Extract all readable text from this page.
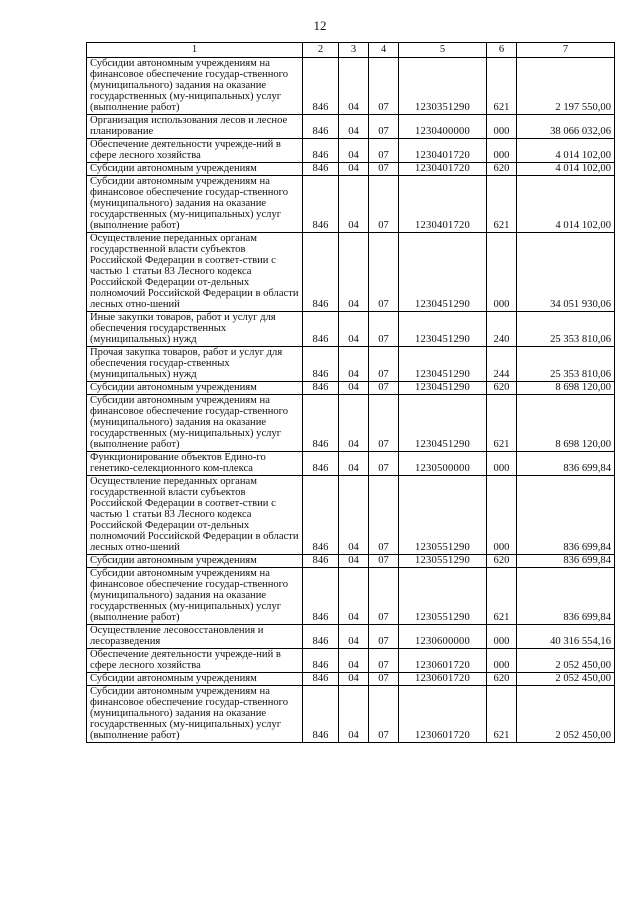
12
1	2	3	4	5	6	7
Субсидии автономным учреждениям на финансовое обеспечение государ-ственного (муниципального) задания на оказание государственных (му-ниципальных) услуг (выполнение работ)	846	04	07	1230351290	621	2 197 550,00
Организация использования лесов и лесное планирование	846	04	07	1230400000	000	38 066 032,06
Обеспечение деятельности учрежде-ний в сфере лесного хозяйства	846	04	07	1230401720	000	4 014 102,00
Субсидии автономным учреждениям	846	04	07	1230401720	620	4 014 102,00
Субсидии автономным учреждениям на финансовое обеспечение государ-ственного (муниципального) задания на оказание государственных (му-ниципальных) услуг (выполнение работ)	846	04	07	1230401720	621	4 014 102,00
Осуществление переданных органам государственной власти субъектов Российской Федерации в соответ-ствии с частью 1 статьи 83 Лесного кодекса Российской Федерации от-дельных полномочий Российской Федерации в области лесных отно-шений	846	04	07	1230451290	000	34 051 930,06
Иные закупки товаров, работ и услуг для обеспечения государственных (муниципальных) нужд	846	04	07	1230451290	240	25 353 810,06
Прочая закупка товаров, работ и услуг для обеспечения государ-ственных (муниципальных) нужд	846	04	07	1230451290	244	25 353 810,06
Субсидии автономным учреждениям	846	04	07	1230451290	620	8 698 120,00
Субсидии автономным учреждениям на финансовое обеспечение государ-ственного (муниципального) задания на оказание государственных (му-ниципальных) услуг (выполнение работ)	846	04	07	1230451290	621	8 698 120,00
Функционирование объектов Едино-го генетико-селекционного ком-плекса	846	04	07	1230500000	000	836 699,84
Осуществление переданных органам государственной власти субъектов Российской Федерации в соответ-ствии с частью 1 статьи 83 Лесного кодекса Российской Федерации от-дельных полномочий Российской Федерации в области лесных отно-шений	846	04	07	1230551290	000	836 699,84
Субсидии автономным учреждениям	846	04	07	1230551290	620	836 699,84
Субсидии автономным учреждениям на финансовое обеспечение государ-ственного (муниципального) задания на оказание государственных (му-ниципальных) услуг (выполнение работ)	846	04	07	1230551290	621	836 699,84
Осуществление лесовосстановления и лесоразведения	846	04	07	1230600000	000	40 316 554,16
Обеспечение деятельности учрежде-ний в сфере лесного хозяйства	846	04	07	1230601720	000	2 052 450,00
Субсидии автономным учреждениям	846	04	07	1230601720	620	2 052 450,00
Субсидии автономным учреждениям на финансовое обеспечение государ-ственного (муниципального) задания на оказание государственных (му-ниципальных) услуг (выполнение работ)	846	04	07	1230601720	621	2 052 450,00
